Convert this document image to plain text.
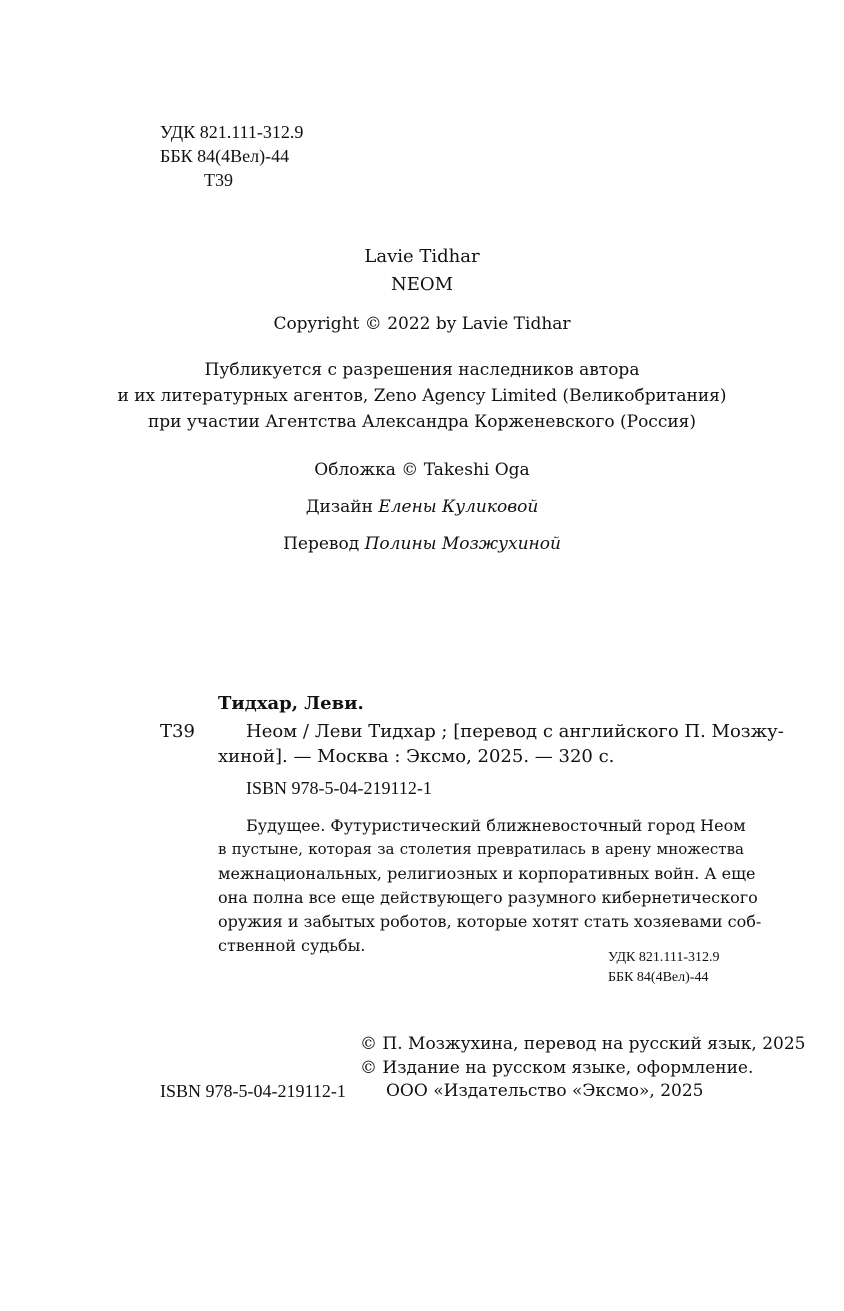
УДК 821.111-312.9
ББК 84(4Вел)-44
Т39
Lavie Tidhar
NEOM
Copyright © 2022 by Lavie Tidhar
Публикуется с разрешения наследников автора
и их литературных агентов, Zeno Agency Limited (Великобритания)
при участии Агентства Александра Корженевского (Россия)
Обложка © Takeshi Oga
Дизайн Елены Куликовой
Перевод Полины Мозжухиной
Тидхар, Леви.
Т39	Неом / Леви Тидхар ; [перевод с английского П. Мозжу-
хиной]. — Москва : Эксмо, 2025. — 320 с.
ISBN 978-5-04-219112-1
Будущее. Футуристический ближневосточный город Неом
в пустыне, которая за столетия превратилась в арену множества
межнациональных, религиозных и корпоративных войн. А еще
она полна все еще действующего разумного кибернетического
оружия и забытых роботов, которые хотят стать хозяевами соб-
ственной судьбы.
УДК 821.111-312.9
ББК 84(4Вел)-44
© П. Мозжухина, перевод на русский язык, 2025
© Издание на русском языке, оформление.
ISBN 978-5-04-219112-1 ООО «Издательство «Эксмо», 2025
